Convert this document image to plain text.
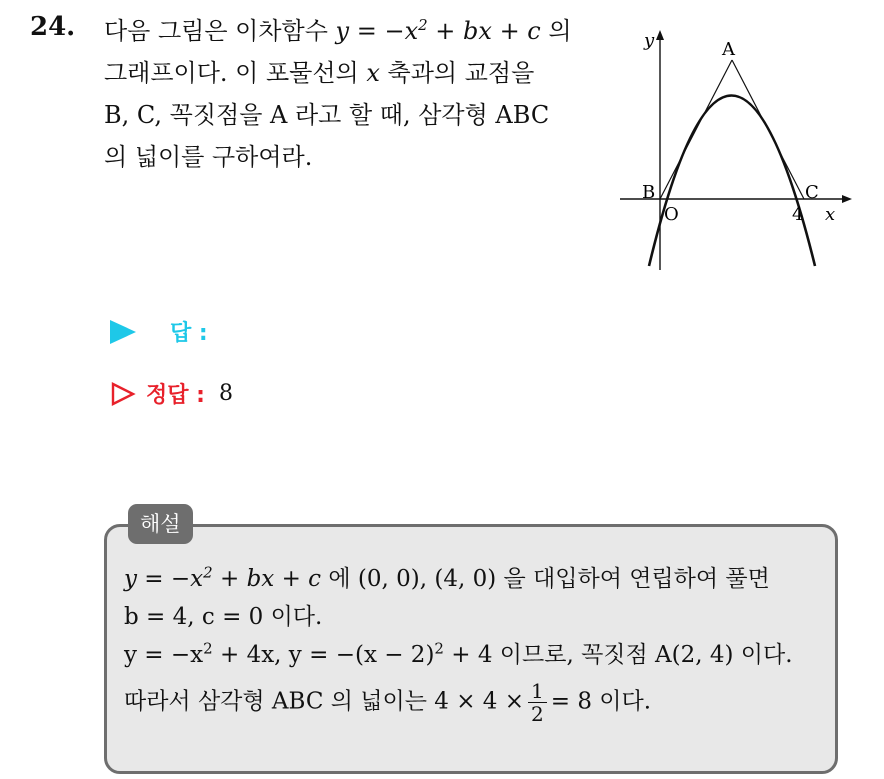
24. 다음 그림은 이차함수 $y = -x^2$ + bx + c 의
그래프이다. 이 포물선의 x 축과의 교점을
B, C, 꼭짓점을 A 라고 할 때, 삼각형 ABC
의 넓이를 구하여라.
y
x
A
B	C
O	4
답 :
정답 : 8
해설
$y = -x^2$ + bx + c 에 (0, 0), (4, 0) 을 대입하여 연립하여 풀면
b = 4, c = 0 이다.
$y = -x^2 + 4x$, $y = -(x - 2)^2 + 4$ 이므로, 꼭짓점 A(2, 4) 이다.
따라서 삼각형 ABC 의 넓이는 $4 \times 4 \times \frac{1}{2} = 8$ 이다.
